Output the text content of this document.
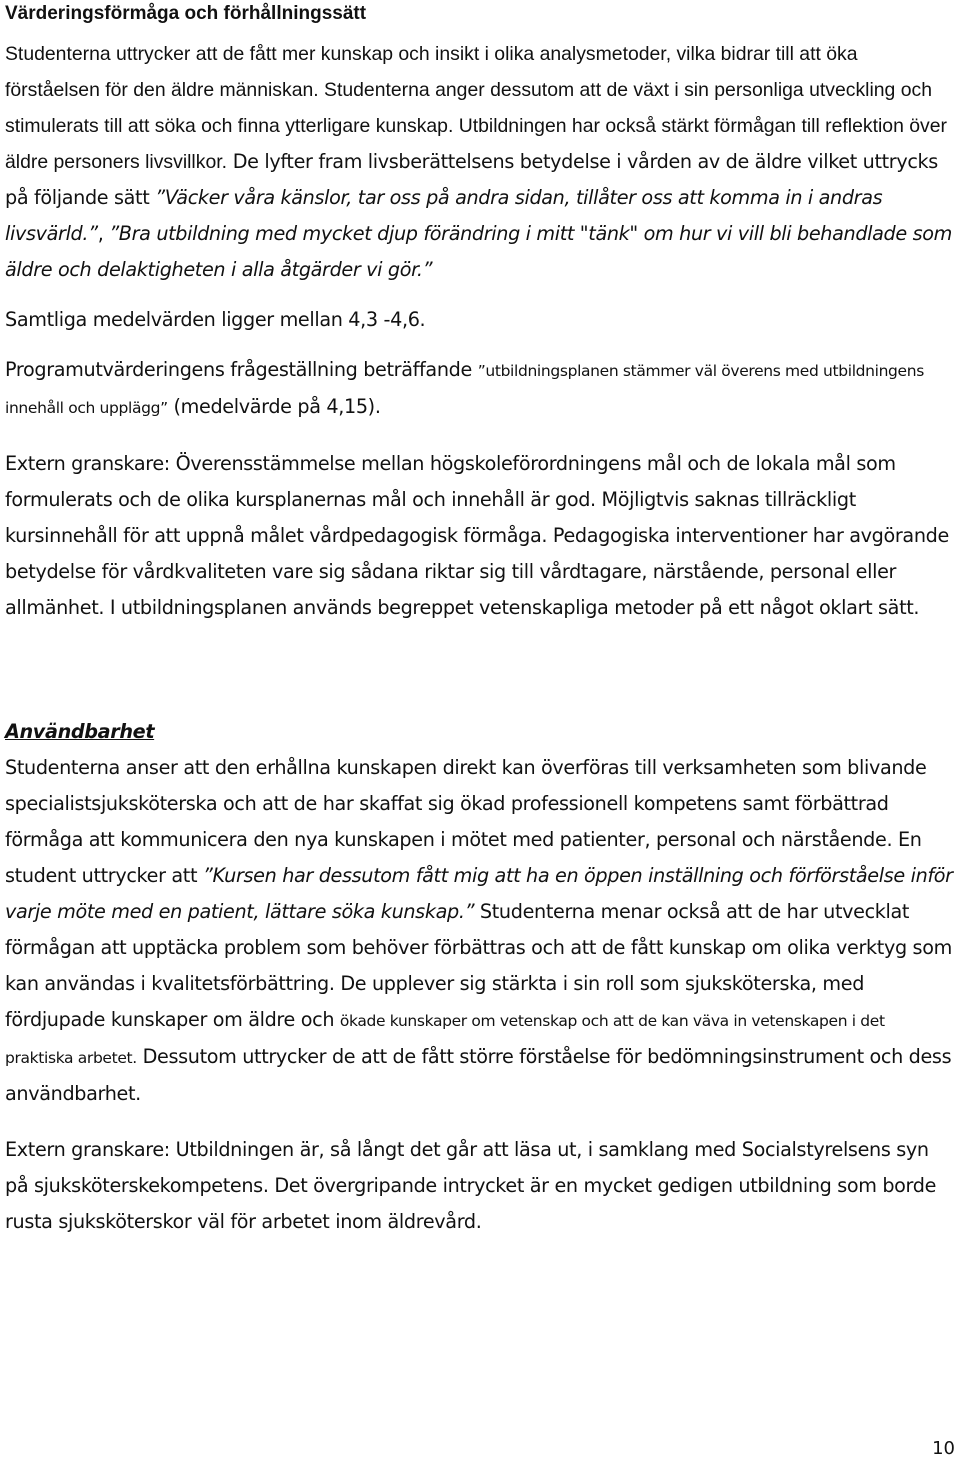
Värderingsförmåga och förhållningssätt

Studenterna uttrycker att de fått mer kunskap och insikt i olika analysmetoder, vilka bidrar till att öka förståelsen för den äldre människan. Studenterna anger dessutom att de växt i sin personliga utveckling och stimulerats till att söka och finna ytterligare kunskap. Utbildningen har också stärkt förmågan till reflektion över äldre personers livsvillkor. De lyfter fram livsberättelsens betydelse i vården av de äldre vilket uttrycks på följande sätt ”Väcker våra känslor, tar oss på andra sidan, tillåter oss att komma in i andras livsvärld.”, ”Bra utbildning med mycket djup förändring i mitt "tänk" om hur vi vill bli behandlade som äldre och delaktigheten i alla åtgärder vi gör.”

Samtliga medelvärden ligger mellan 4,3 -4,6.

Programutvärderingens frågeställning beträffande ”utbildningsplanen stämmer väl överens med utbildningens innehåll och upplägg” (medelvärde på 4,15).

Extern granskare: Överensstämmelse mellan högskoleförordningens mål och de lokala mål som formulerats och de olika kursplanernas mål och innehåll är god. Möjligtvis saknas tillräckligt kursinnehåll för att uppnå målet vårdpedagogisk förmåga. Pedagogiska interventioner har avgörande betydelse för vårdkvaliteten vare sig sådana riktar sig till vårdtagare, närstående, personal eller allmänhet. I utbildningsplanen används begreppet vetenskapliga metoder på ett något oklart sätt.

Användbarhet

Studenterna anser att den erhållna kunskapen direkt kan överföras till verksamheten som blivande specialistsjuksköterska och att de har skaffat sig ökad professionell kompetens samt förbättrad förmåga att kommunicera den nya kunskapen i mötet med patienter, personal och närstående. En student uttrycker att ”Kursen har dessutom fått mig att ha en öppen inställning och förförståelse inför varje möte med en patient, lättare söka kunskap.” Studenterna menar också att de har utvecklat förmågan att upptäcka problem som behöver förbättras och att de fått kunskap om olika verktyg som kan användas i kvalitetsförbättring. De upplever sig stärkta i sin roll som sjuksköterska, med fördjupade kunskaper om äldre och ökade kunskaper om vetenskap och att de kan väva in vetenskapen i det praktiska arbetet. Dessutom uttrycker de att de fått större förståelse för bedömningsinstrument och dess användbarhet.

Extern granskare: Utbildningen är, så långt det går att läsa ut, i samklang med Socialstyrelsens syn på sjuksköterskekompetens. Det övergripande intrycket är en mycket gedigen utbildning som borde rusta sjuksköterskor väl för arbetet inom äldrevård.

10
